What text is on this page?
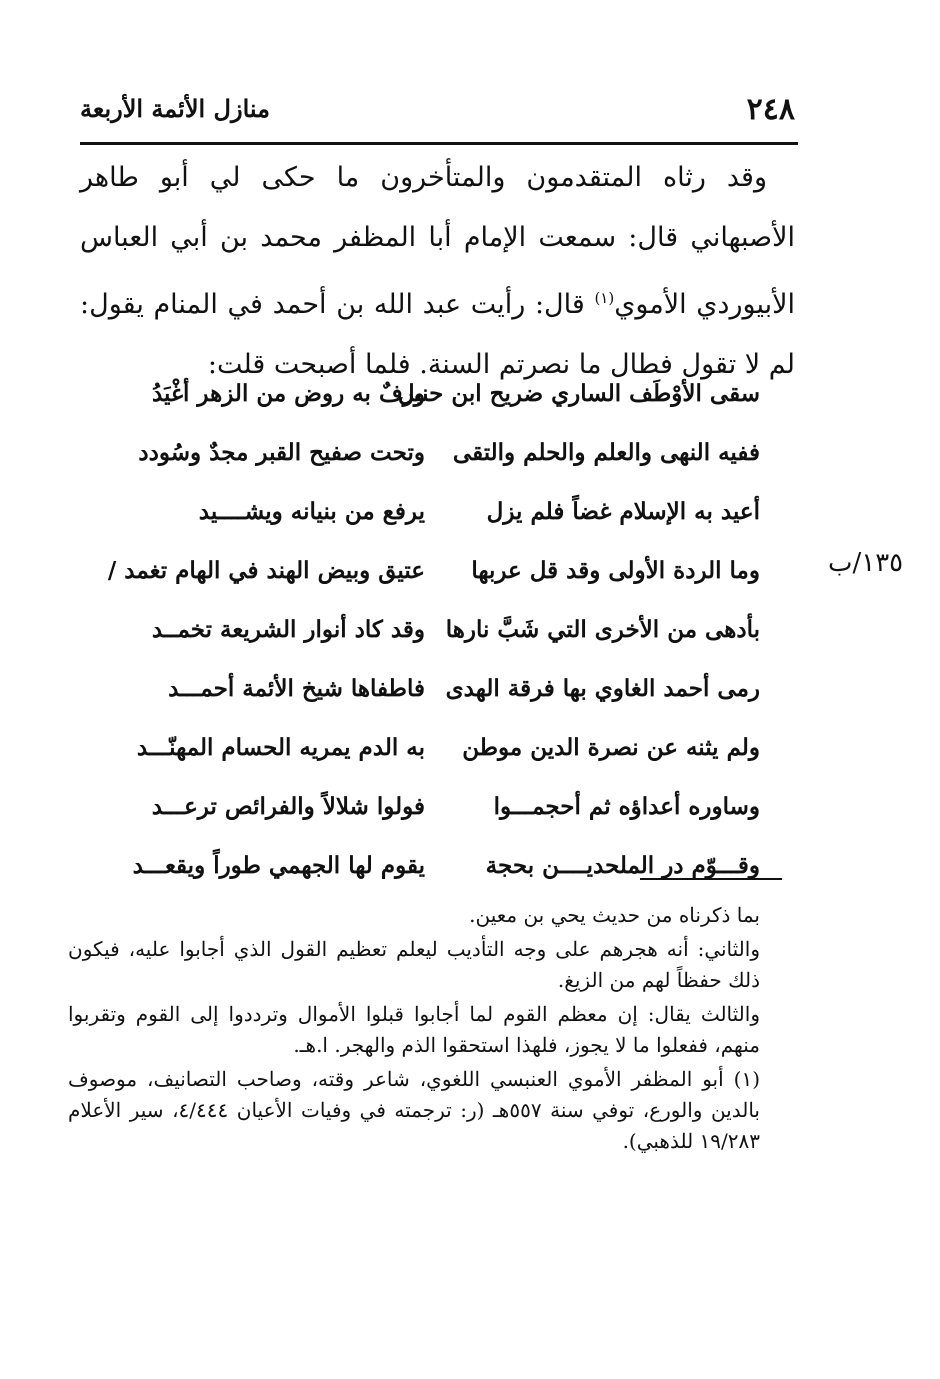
٢٤٨
منازل الأئمة الأربعة
١٣٥/ب

وقد رثاه المتقدمون والمتأخرون ما حكى لي أبو طاهر الأصبهاني قال: سمعت الإمام أبا المظفر محمد بن أبي العباس الأبيوردي الأموي$^{(١)}$ قال: رأيت عبد الله بن أحمد في المنام يقول: لم لا تقول فطال ما نصرتم السنة. فلما أصبحت قلت:

سقى الأوْطَف الساري ضريح ابن حنبل
ورفٌ به روض من الزهر أغْيَدُ
ففيه النهى والعلم والحلم والتقى
وتحت صفيح القبر مجدٌ وسُودد
أعيد به الإسلام غضاً فلم يزل
يرفع من بنيانه ويشــــيد
وما الردة الأولى وقد قل عربها
عتيق وبيض الهند في الهام تغمد /
بأدهى من الأخرى التي شَبَّ نارها
وقد كاد أنوار الشريعة تخمــد
رمى أحمد الغاوي بها فرقة الهدى
فاطفاها شيخ الأئمة أحمـــد
ولم يثنه عن نصرة الدين موطن
به الدم يمريه الحسام المهنّـــد
وساوره أعداؤه ثم أحجمـــوا
فولوا شلالاً والفرائص ترعـــد
وقـــوّم در الملحديــــن بحجة
يقوم لها الجهمي طوراً ويقعـــد

بما ذكرناه من حديث يحي بن معين.

والثاني: أنه هجرهم على وجه التأديب ليعلم تعظيم القول الذي أجابوا عليه، فيكون ذلك حفظاً لهم من الزيغ.

والثالث يقال: إن معظم القوم لما أجابوا قبلوا الأموال وترددوا إلى القوم وتقربوا منهم، ففعلوا ما لا يجوز، فلهذا استحقوا الذم والهجر. ا.هـ.

(١) أبو المظفر الأموي العنبسي اللغوي، شاعر وقته، وصاحب التصانيف، موصوف بالدين والورع، توفي سنة ٥٥٧هـ (ر: ترجمته في وفيات الأعيان ٤/٤٤٤، سير الأعلام ١٩/٢٨٣ للذهبي).
